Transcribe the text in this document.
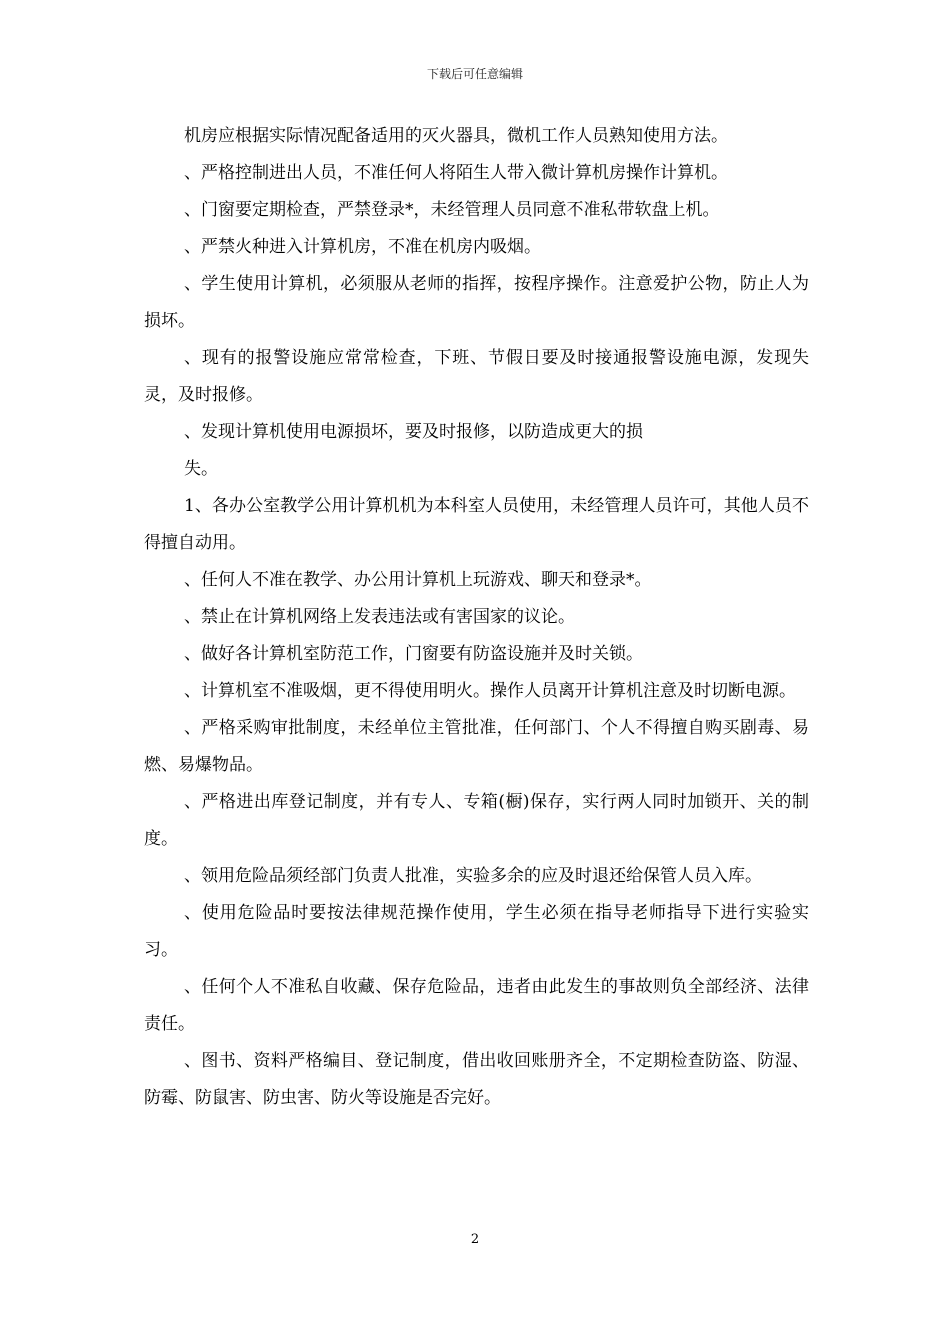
下载后可任意编辑

机房应根据实际情况配备适用的灭火器具，微机工作人员熟知使用方法。

、严格控制进出人员，不准任何人将陌生人带入微计算机房操作计算机。

、门窗要定期检查，严禁登录*，未经管理人员同意不准私带软盘上机。

、严禁火种进入计算机房，不准在机房内吸烟。

、学生使用计算机，必须服从老师的指挥，按程序操作。注意爱护公物，防止人为损坏。

、现有的报警设施应常常检查，下班、节假日要及时接通报警设施电源，发现失灵，及时报修。

、发现计算机使用电源损坏，要及时报修，以防造成更大的损

失。

1、各办公室教学公用计算机机为本科室人员使用，未经管理人员许可，其他人员不得擅自动用。

、任何人不准在教学、办公用计算机上玩游戏、聊天和登录*。

、禁止在计算机网络上发表违法或有害国家的议论。

、做好各计算机室防范工作，门窗要有防盗设施并及时关锁。

、计算机室不准吸烟，更不得使用明火。操作人员离开计算机注意及时切断电源。

、严格采购审批制度，未经单位主管批准，任何部门、个人不得擅自购买剧毒、易燃、易爆物品。

、严格进出库登记制度，并有专人、专箱(橱)保存，实行两人同时加锁开、关的制度。

、领用危险品须经部门负责人批准，实验多余的应及时退还给保管人员入库。

、使用危险品时要按法律规范操作使用，学生必须在指导老师指导下进行实验实习。

、任何个人不准私自收藏、保存危险品，违者由此发生的事故则负全部经济、法律责任。

、图书、资料严格编目、登记制度，借出收回账册齐全，不定期检查防盗、防湿、防霉、防鼠害、防虫害、防火等设施是否完好。

2
